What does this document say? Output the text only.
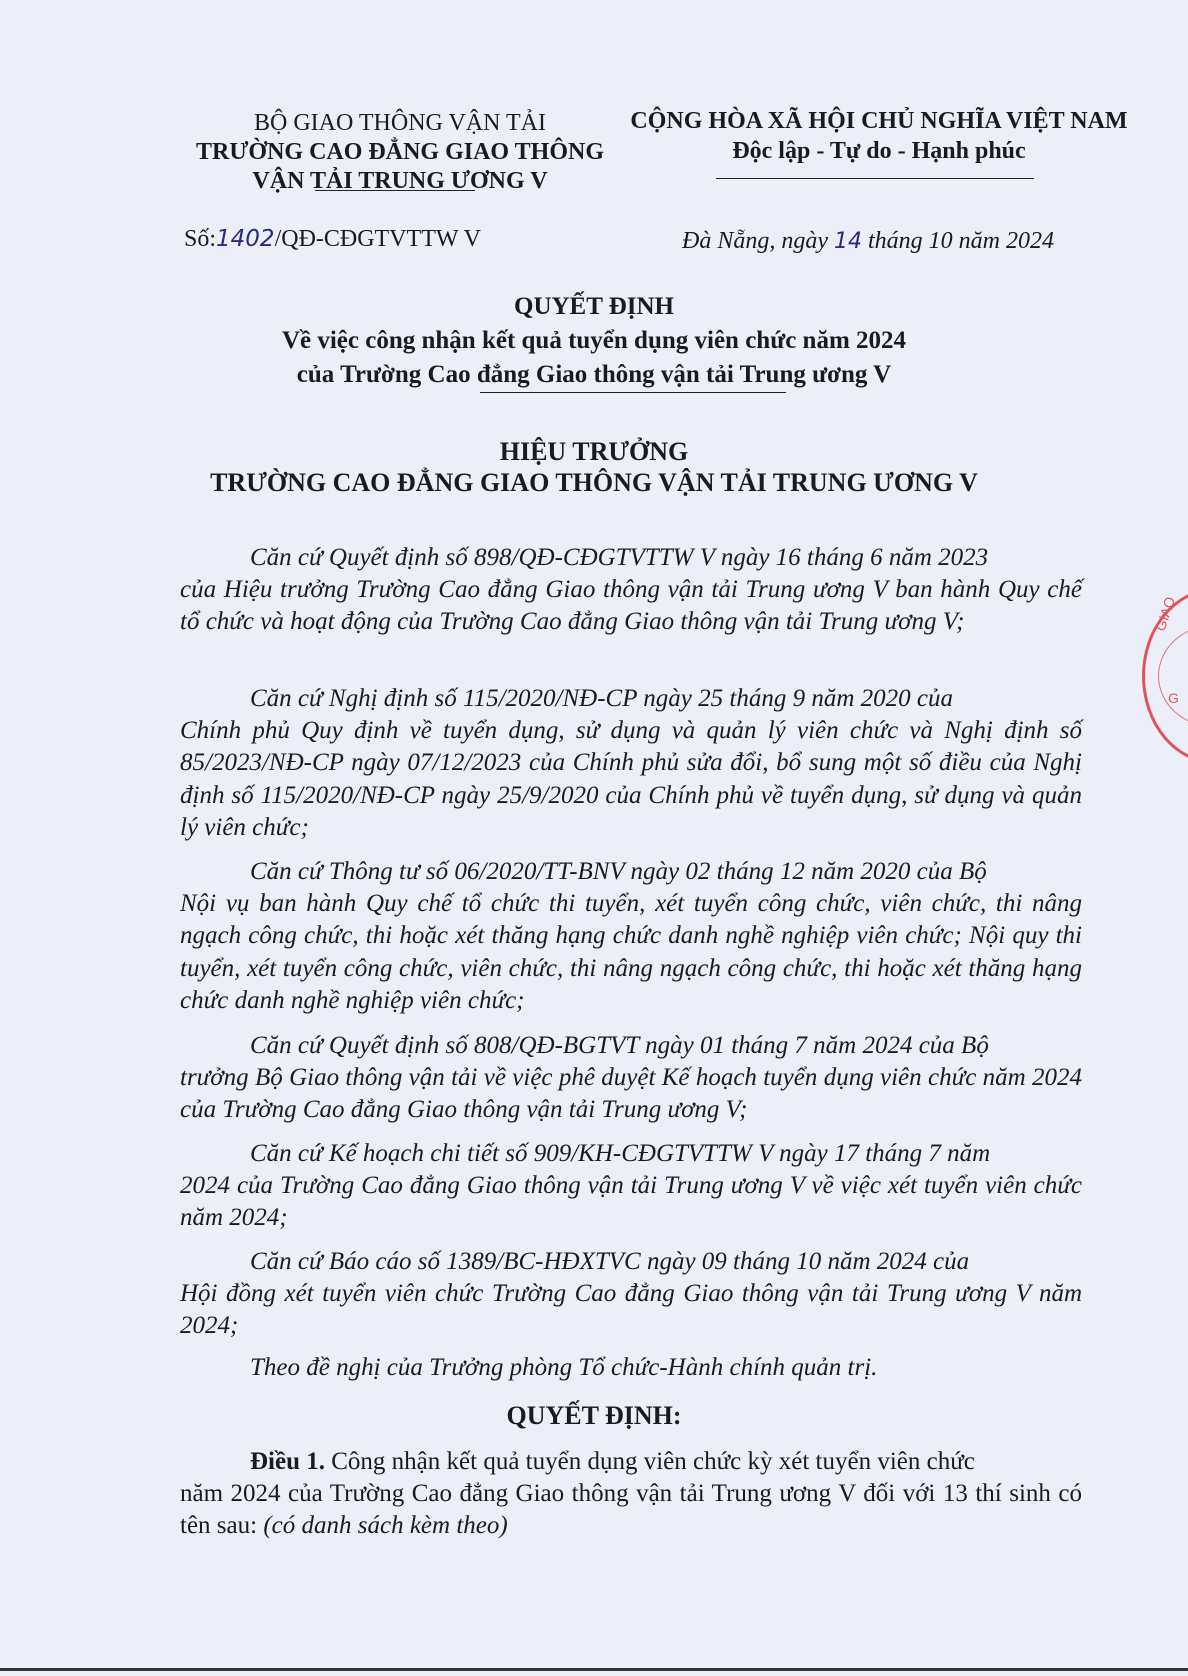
BỘ GIAO THÔNG VẬN TẢI
TRƯỜNG CAO ĐẲNG GIAO THÔNG
VẬN TẢI TRUNG ƯƠNG V
CỘNG HÒA XÃ HỘI CHỦ NGHĨA VIỆT NAM
Độc lập - Tự do - Hạnh phúc
Số:1402/QĐ-CĐGTVTTW V	Đà Nẵng, ngày 14 tháng 10 năm 2024
QUYẾT ĐỊNH
Về việc công nhận kết quả tuyển dụng viên chức năm 2024
của Trường Cao đẳng Giao thông vận tải Trung ương V
HIỆU TRƯỞNG
TRƯỜNG CAO ĐẲNG GIAO THÔNG VẬN TẢI TRUNG ƯƠNG V
Căn cứ Quyết định số 898/QĐ-CĐGTVTTW V ngày 16 tháng 6 năm 2023
của Hiệu trưởng Trường Cao đẳng Giao thông vận tải Trung ương V ban hành Quy chế tổ chức và hoạt động của Trường Cao đẳng Giao thông vận tải Trung ương V;
Căn cứ Nghị định số 115/2020/NĐ-CP ngày 25 tháng 9 năm 2020 của
Chính phủ Quy định về tuyển dụng, sử dụng và quản lý viên chức và Nghị định số 85/2023/NĐ-CP ngày 07/12/2023 của Chính phủ sửa đổi, bổ sung một số điều của Nghị định số 115/2020/NĐ-CP ngày 25/9/2020 của Chính phủ về tuyển dụng, sử dụng và quản lý viên chức;
Căn cứ Thông tư số 06/2020/TT-BNV ngày 02 tháng 12 năm 2020 của Bộ
Nội vụ ban hành Quy chế tổ chức thi tuyển, xét tuyển công chức, viên chức, thi nâng ngạch công chức, thi hoặc xét thăng hạng chức danh nghề nghiệp viên chức; Nội quy thi tuyển, xét tuyển công chức, viên chức, thi nâng ngạch công chức, thi hoặc xét thăng hạng chức danh nghề nghiệp viên chức;
Căn cứ Quyết định số 808/QĐ-BGTVT ngày 01 tháng 7 năm 2024 của Bộ
trưởng Bộ Giao thông vận tải về việc phê duyệt Kế hoạch tuyển dụng viên chức năm 2024 của Trường Cao đẳng Giao thông vận tải Trung ương V;
Căn cứ Kế hoạch chi tiết số 909/KH-CĐGTVTTW V ngày 17 tháng 7 năm
2024 của Trường Cao đẳng Giao thông vận tải Trung ương V về việc xét tuyển viên chức năm 2024;
Căn cứ Báo cáo số 1389/BC-HĐXTVC ngày 09 tháng 10 năm 2024 của
Hội đồng xét tuyển viên chức Trường Cao đẳng Giao thông vận tải Trung ương V năm 2024;
Theo đề nghị của Trưởng phòng Tổ chức-Hành chính quản trị.
QUYẾT ĐỊNH:
Điều 1. Công nhận kết quả tuyển dụng viên chức kỳ xét tuyển viên chức
năm 2024 của Trường Cao đẳng Giao thông vận tải Trung ương V đối với 13 thí sinh có tên sau: (có danh sách kèm theo)
GIAO
G
